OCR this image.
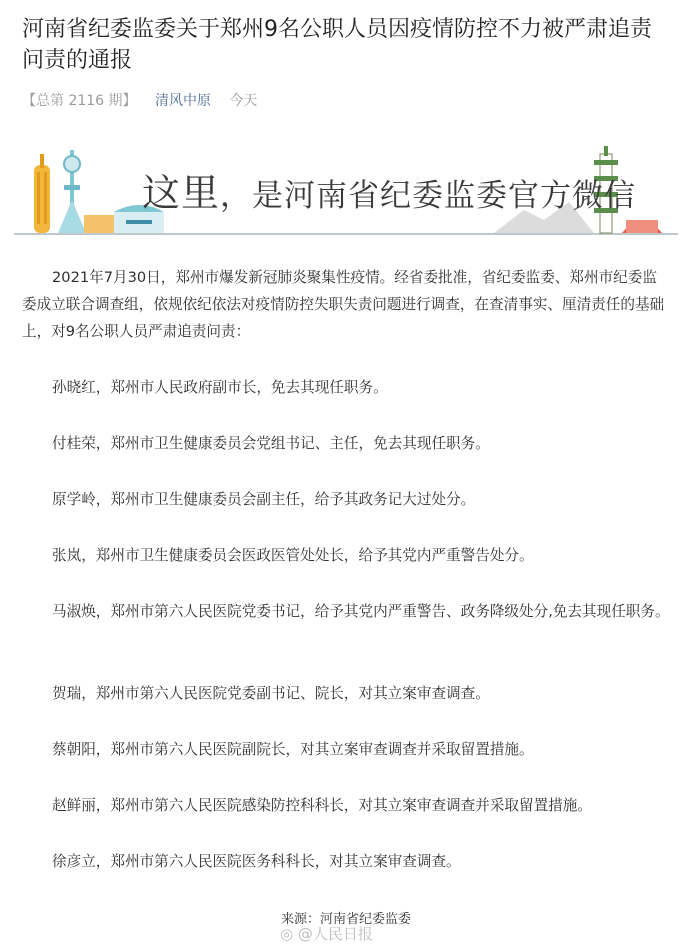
河南省纪委监委关于郑州9名公职人员因疫情防控不力被严肃追责问责的通报
【总第 2116 期】 清风中原 今天
这里，是河南省纪委监委官方微信
2021年7月30日，郑州市爆发新冠肺炎聚集性疫情。经省委批准，省纪委监委、郑州市纪委监委成立联合调查组，依规依纪依法对疫情防控失职失责问题进行调查，在查清事实、厘清责任的基础上，对9名公职人员严肃追责问责：
孙晓红，郑州市人民政府副市长，免去其现任职务。
付桂荣，郑州市卫生健康委员会党组书记、主任，免去其现任职务。
原学岭，郑州市卫生健康委员会副主任，给予其政务记大过处分。
张岚，郑州市卫生健康委员会医政医管处处长，给予其党内严重警告处分。
马淑焕，郑州市第六人民医院党委书记，给予其党内严重警告、政务降级处分,免去其现任职务。
贺瑞，郑州市第六人民医院党委副书记、院长，对其立案审查调查。
蔡朝阳，郑州市第六人民医院副院长，对其立案审查调查并采取留置措施。
赵鲜丽，郑州市第六人民医院感染防控科科长，对其立案审查调查并采取留置措施。
徐彦立，郑州市第六人民医院医务科科长，对其立案审查调查。
来源：河南省纪委监委
◎ @人民日报
